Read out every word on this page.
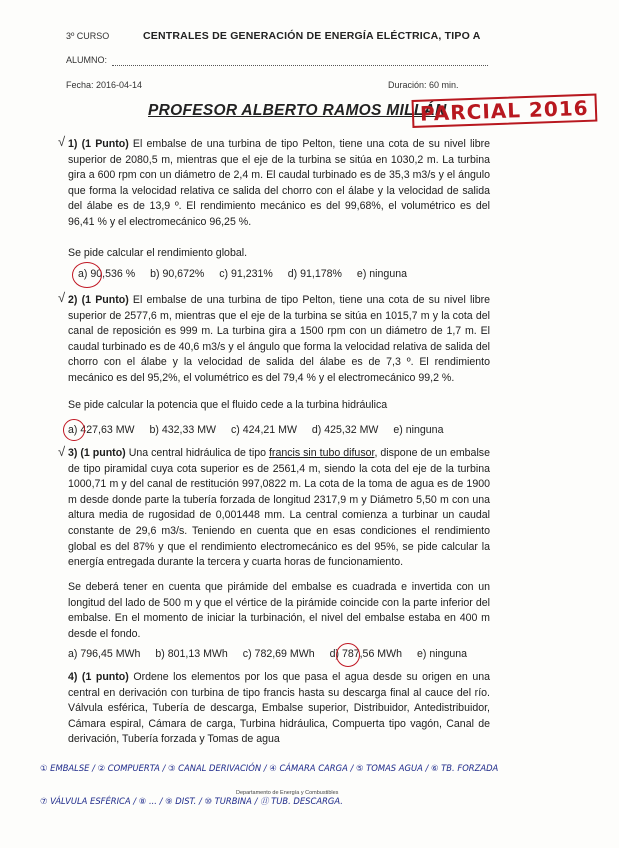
3º CURSO	CENTRALES DE GENERACIÓN DE ENERGÍA ELÉCTRICA, TIPO A
ALUMNO:
Fecha: 2016-04-14	Duración: 60 min.
PROFESOR ALBERTO RAMOS MILLÁN
PARCIAL 2016
√ 1) (1 Punto) El embalse de una turbina de tipo Pelton, tiene una cota de su nivel libre superior de 2080,5 m, mientras que el eje de la turbina se sitúa en 1030,2 m. La turbina gira a 600 rpm con un diámetro de 2,4 m. El caudal turbinado es de 35,3 m3/s y el ángulo que forma la velocidad relativa ce salida del chorro con el álabe y la velocidad de salida del álabe es de 13,9 º. El rendimiento mecánico es del 99,68%, el volumétrico es del 96,41 % y el electromecánico 96,25 %.
Se pide calcular el rendimiento global.
a) 90,536 % b) 90,672% c) 91,231% d) 91,178% e) ninguna
√ 2) (1 Punto) El embalse de una turbina de tipo Pelton, tiene una cota de su nivel libre superior de 2577,6 m, mientras que el eje de la turbina se sitúa en 1015,7 m y la cota del canal de reposición es 999 m. La turbina gira a 1500 rpm con un diámetro de 1,7 m. El caudal turbinado es de 40,6 m3/s y el ángulo que forma la velocidad relativa de salida del chorro con el álabe y la velocidad de salida del álabe es de 7,3 º. El rendimiento mecánico es del 95,2%, el volumétrico es del 79,4 % y el electromecánico 99,2 %.
Se pide calcular la potencia que el fluido cede a la turbina hidráulica
a) 427,63 MW b) 432,33 MW c) 424,21 MW d) 425,32 MW e) ninguna
√ 3) (1 punto) Una central hidráulica de tipo francis sin tubo difusor, dispone de un embalse de tipo piramidal cuya cota superior es de 2561,4 m, siendo la cota del eje de la turbina 1000,71 m y del canal de restitución 997,0822 m. La cota de la toma de agua es de 1900 m desde donde parte la tubería forzada de longitud 2317,9 m y Diámetro 5,50 m con una altura media de rugosidad de 0,001448 mm. La central comienza a turbinar un caudal constante de 29,6 m3/s. Teniendo en cuenta que en esas condiciones el rendimiento global es del 87% y que el rendimiento electromecánico es del 95%, se pide calcular la energía entregada durante la tercera y cuarta horas de funcionamiento.
Se deberá tener en cuenta que pirámide del embalse es cuadrada e invertida con un longitud del lado de 500 m y que el vértice de la pirámide coincide con la parte inferior del embalse. En el momento de iniciar la turbinación, el nivel del embalse estaba en 400 m desde el fondo.
a) 796,45 MWh b) 801,13 MWh c) 782,69 MWh d) 787,56 MWh e) ninguna
4) (1 punto) Ordene los elementos por los que pasa el agua desde su origen en una central en derivación con turbina de tipo francis hasta su descarga final al cauce del río. Válvula esférica, Tubería de descarga, Embalse superior, Distribuidor, Antedistribuidor, Cámara espiral, Cámara de carga, Turbina hidráulica, Compuerta tipo vagón, Canal de derivación, Tubería forzada y Tomas de agua
① EMBALSE / ② COMPUERTA / ③ CANAL DERIVACIÓN / ④ CÁMARA CARGA / ⑤ TOMAS AGUA / ⑥ TB. FORZADA
⑦ VÁLVULA ESFÉRICA / ⑧ ... / ⑨ DIST. / ⑩ TURBINA / ⑪ TUB. DESCARGA.
Departamento de Energía y Combustibles
